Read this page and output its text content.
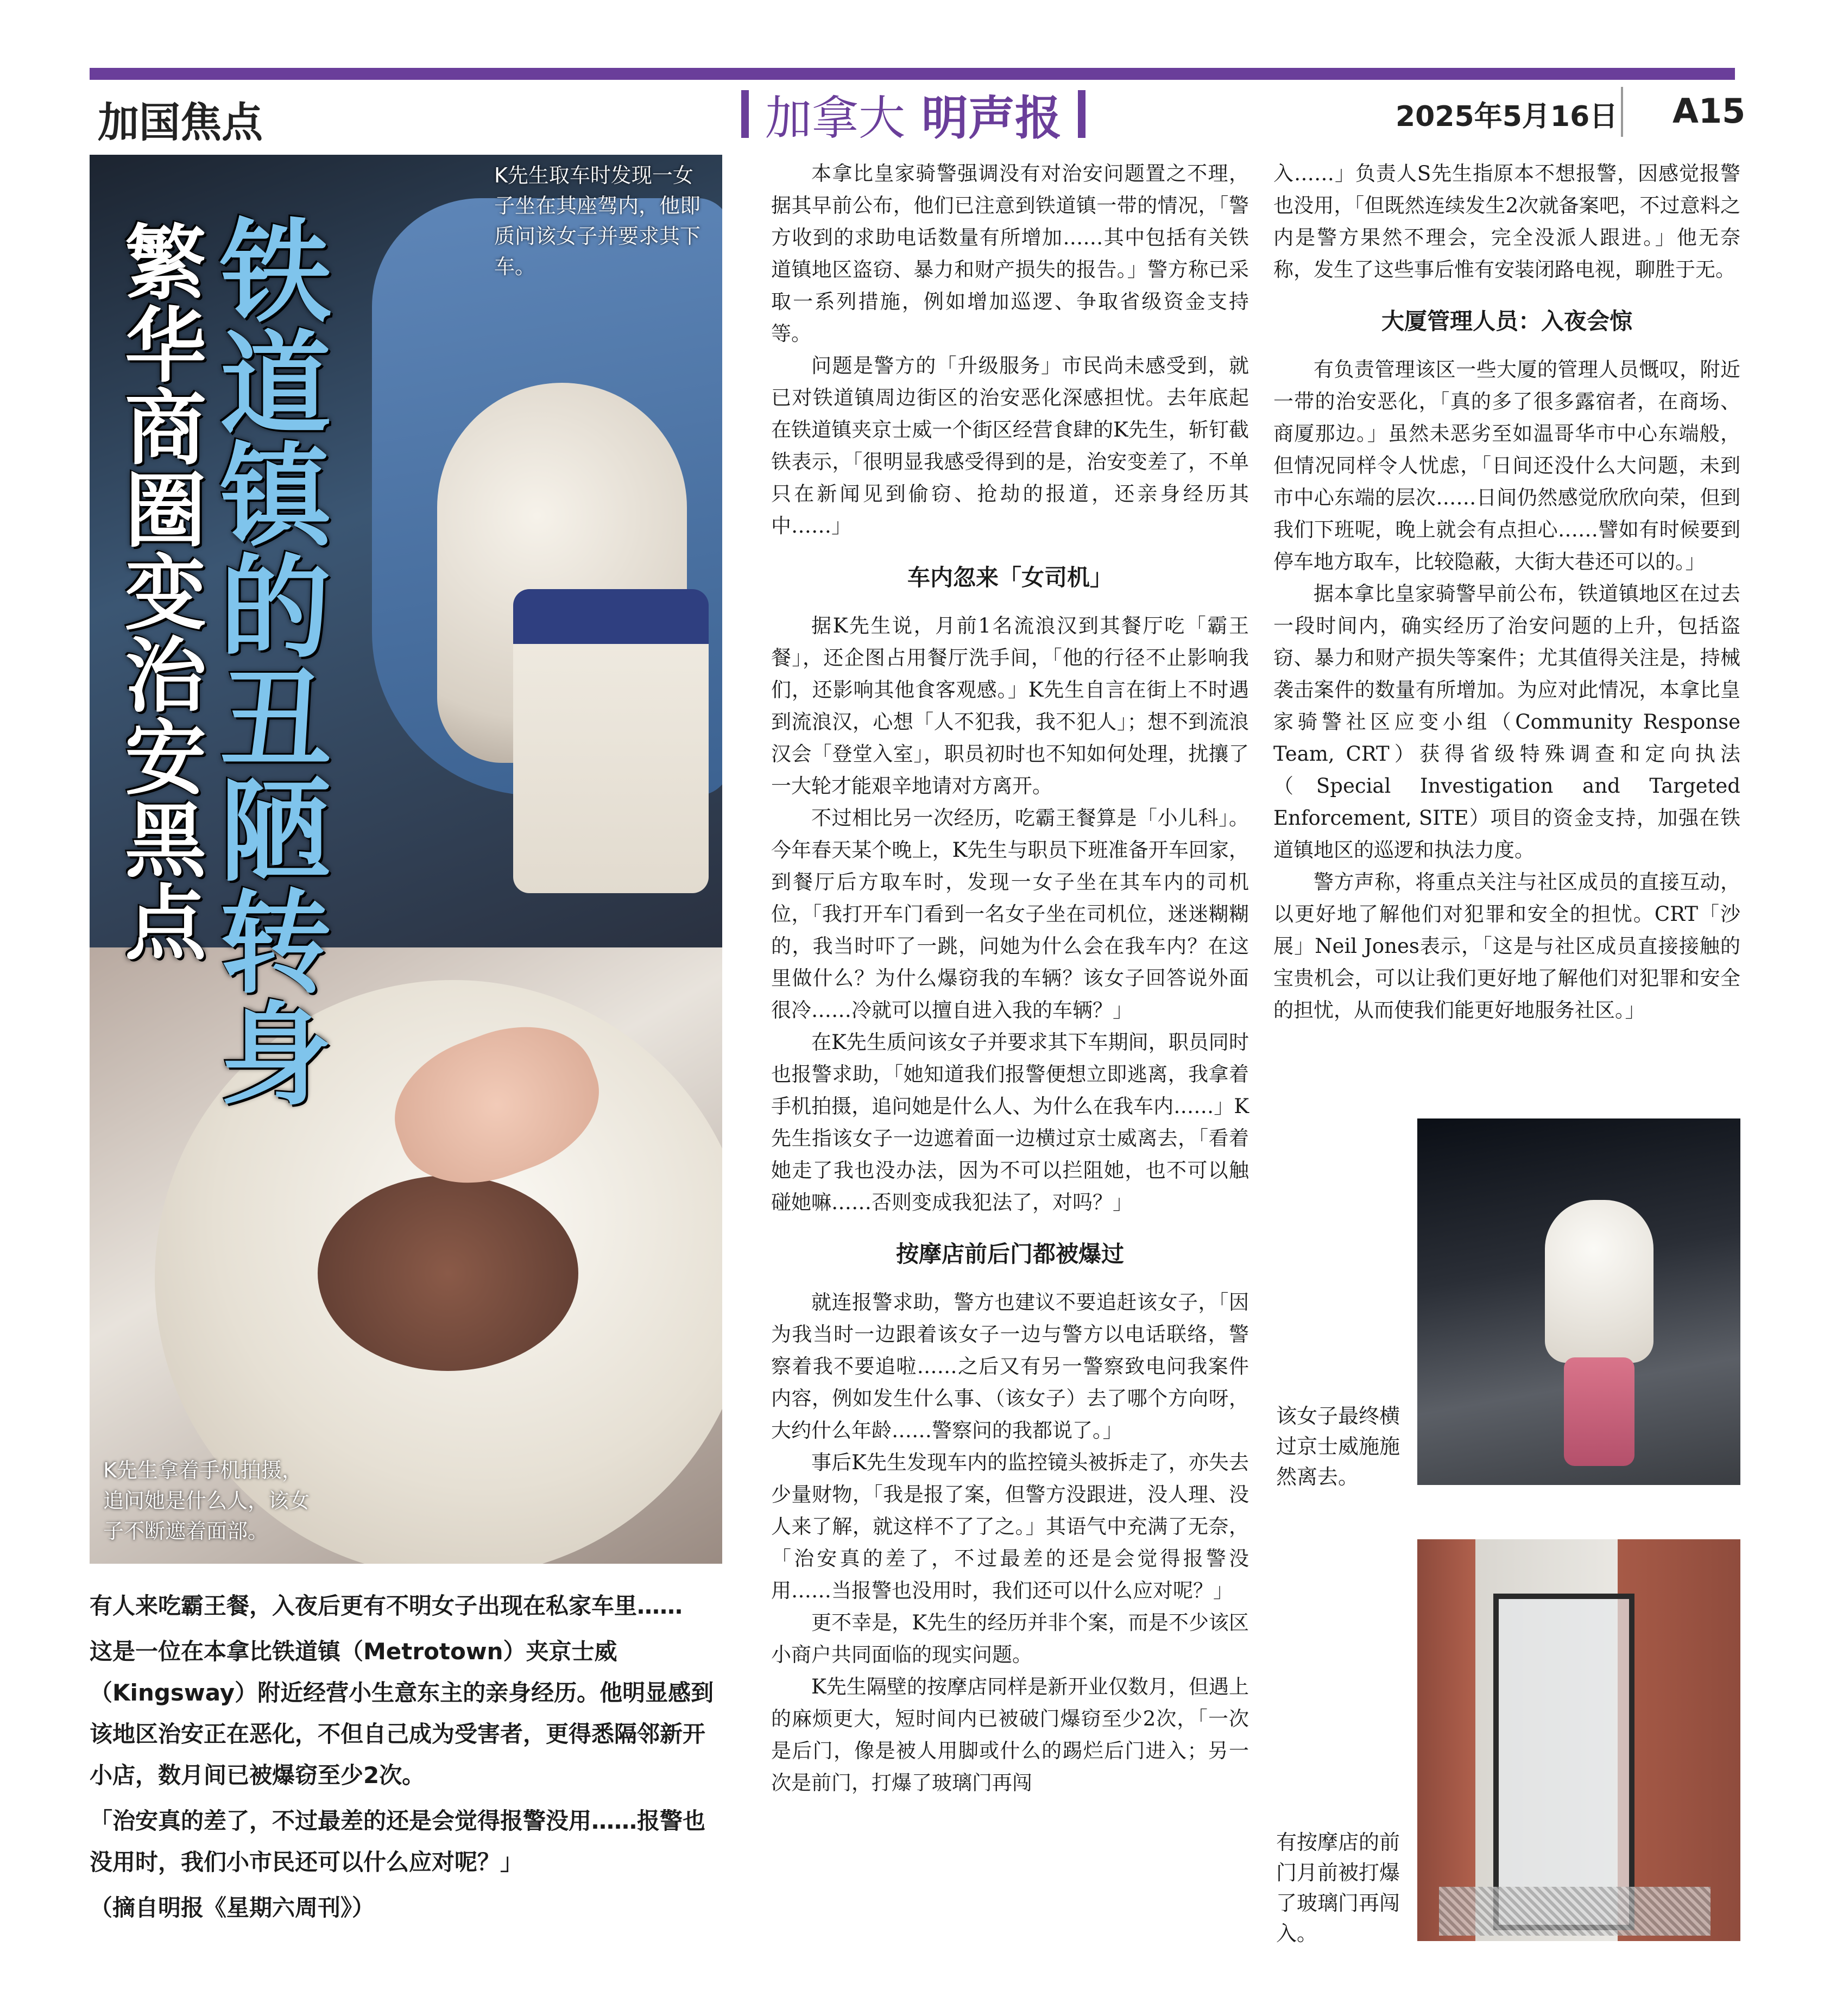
加国焦点	加拿大 明声报	2025年5月16日 A15
繁华商圈变治安黑点
铁道镇的丑陋转身
K先生取车时发现一女子坐在其座驾内，他即质问该女子并要求其下车。
K先生拿着手机拍摄，追问她是什么人，该女子不断遮着面部。

有人来吃霸王餐，入夜后更有不明女子出现在私家车里……

这是一位在本拿比铁道镇（Metrotown）夹京士威（Kingsway）附近经营小生意东主的亲身经历。他明显感到该地区治安正在恶化，不但自己成为受害者，更得悉隔邻新开小店，数月间已被爆窃至少2次。

「治安真的差了，不过最差的还是会觉得报警没用……报警也没用时，我们小市民还可以什么应对呢？」

（摘自明报《星期六周刊》）

本拿比皇家骑警强调没有对治安问题置之不理，据其早前公布，他们已注意到铁道镇一带的情况，「警方收到的求助电话数量有所增加……其中包括有关铁道镇地区盗窃、暴力和财产损失的报告。」警方称已采取一系列措施，例如增加巡逻、争取省级资金支持等。

问题是警方的「升级服务」市民尚未感受到，就已对铁道镇周边街区的治安恶化深感担忧。去年底起在铁道镇夹京士威一个街区经营食肆的K先生，斩钉截铁表示，「很明显我感受得到的是，治安变差了，不单只在新闻见到偷窃、抢劫的报道，还亲身经历其中……」

车内忽来「女司机」

据K先生说，月前1名流浪汉到其餐厅吃「霸王餐」，还企图占用餐厅洗手间，「他的行径不止影响我们，还影响其他食客观感。」K先生自言在街上不时遇到流浪汉，心想「人不犯我，我不犯人」；想不到流浪汉会「登堂入室」，职员初时也不知如何处理，扰攘了一大轮才能艰辛地请对方离开。

不过相比另一次经历，吃霸王餐算是「小儿科」。今年春天某个晚上，K先生与职员下班准备开车回家，到餐厅后方取车时，发现一女子坐在其车内的司机位，「我打开车门看到一名女子坐在司机位，迷迷糊糊的，我当时吓了一跳，问她为什么会在我车内？在这里做什么？为什么爆窃我的车辆？该女子回答说外面很冷……冷就可以擅自进入我的车辆？」

在K先生质问该女子并要求其下车期间，职员同时也报警求助，「她知道我们报警便想立即逃离，我拿着手机拍摄，追问她是什么人、为什么在我车内……」K先生指该女子一边遮着面一边横过京士威离去，「看着她走了我也没办法，因为不可以拦阻她，也不可以触碰她嘛……否则变成我犯法了，对吗？」

按摩店前后门都被爆过

就连报警求助，警方也建议不要追赶该女子，「因为我当时一边跟着该女子一边与警方以电话联络，警察着我不要追啦……之后又有另一警察致电问我案件内容，例如发生什么事、（该女子）去了哪个方向呀，大约什么年龄……警察问的我都说了。」

事后K先生发现车内的监控镜头被拆走了，亦失去少量财物，「我是报了案，但警方没跟进，没人理、没人来了解，就这样不了了之。」其语气中充满了无奈，「治安真的差了，不过最差的还是会觉得报警没用……当报警也没用时，我们还可以什么应对呢？」

更不幸是，K先生的经历并非个案，而是不少该区小商户共同面临的现实问题。

K先生隔壁的按摩店同样是新开业仅数月，但遇上的麻烦更大，短时间内已被破门爆窃至少2次，「一次是后门，像是被人用脚或什么的踢烂后门进入；另一次是前门，打爆了玻璃门再闯

入……」负责人S先生指原本不想报警，因感觉报警也没用，「但既然连续发生2次就备案吧，不过意料之内是警方果然不理会，完全没派人跟进。」他无奈称，发生了这些事后惟有安装闭路电视，聊胜于无。

大厦管理人员：入夜会惊

有负责管理该区一些大厦的管理人员慨叹，附近一带的治安恶化，「真的多了很多露宿者，在商场、商厦那边。」虽然未恶劣至如温哥华市中心东端般，但情况同样令人忧虑，「日间还没什么大问题，未到市中心东端的层次……日间仍然感觉欣欣向荣，但到我们下班呢，晚上就会有点担心……譬如有时候要到停车地方取车，比较隐蔽，大街大巷还可以的。」

据本拿比皇家骑警早前公布，铁道镇地区在过去一段时间内，确实经历了治安问题的上升，包括盗窃、暴力和财产损失等案件；尤其值得关注是，持械袭击案件的数量有所增加。为应对此情况，本拿比皇家骑警社区应变小组（Community Response Team, CRT）获得省级特殊调查和定向执法（Special Investigation and Targeted Enforcement, SITE）项目的资金支持，加强在铁道镇地区的巡逻和执法力度。

警方声称，将重点关注与社区成员的直接互动，以更好地了解他们对犯罪和安全的担忧。CRT「沙展」Neil Jones表示，「这是与社区成员直接接触的宝贵机会，可以让我们更好地了解他们对犯罪和安全的担忧，从而使我们能更好地服务社区。」

该女子最终横过京士威施施然离去。
有按摩店的前门月前被打爆了玻璃门再闯入。
